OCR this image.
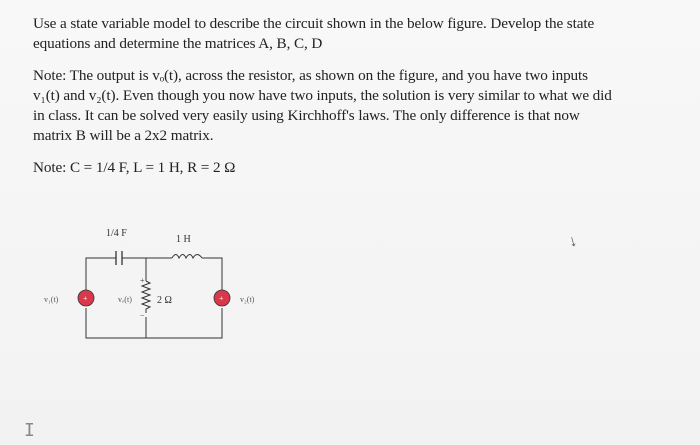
Use a state variable model to describe the circuit shown in the below figure. Develop the state
equations and determine the matrices A, B, C, D
Note: The output is vₒ(t), across the resistor, as shown on the figure, and you have two inputs
v₁(t) and v₂(t). Even though you now have two inputs, the solution is very similar to what we did
in class. It can be solved very easily using Kirchhoff's laws. The only difference is that now
matrix B will be a 2x2 matrix.
Note: C = 1/4 F, L = 1 H, R = 2 Ω
1/4 F
1 H
2 Ω
+
−
vₒ(t)
+
v₁(t)	+ v₂(t)
↓
I
